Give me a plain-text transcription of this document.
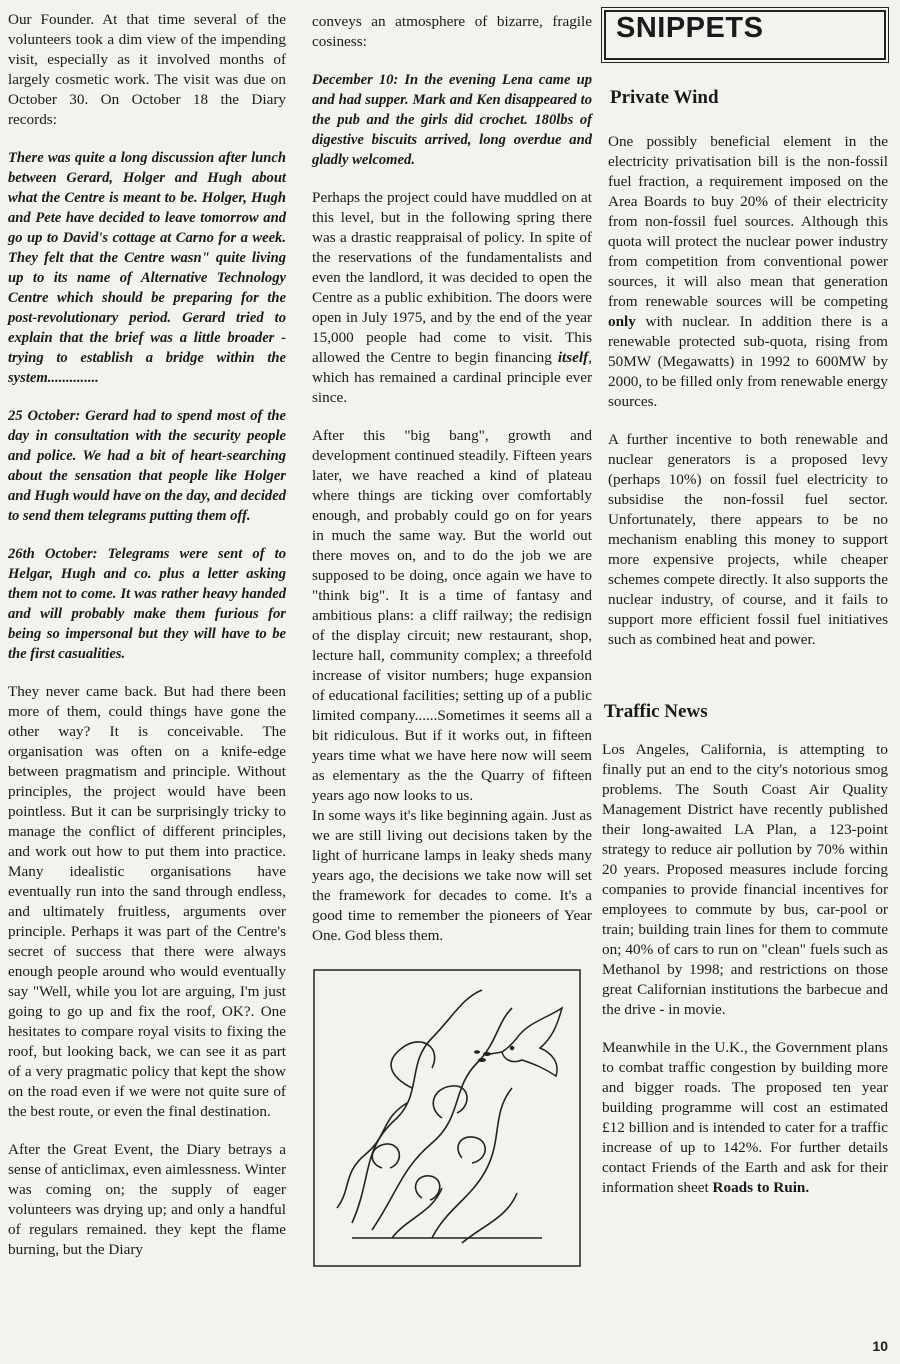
Our Founder. At that time several of the volunteers took a dim view of the impending visit, especially as it involved months of largely cosmetic work. The visit was due on October 30. On October 18 the Diary records:

There was quite a long discussion after lunch between Gerard, Holger and Hugh about what the Centre is meant to be. Holger, Hugh and Pete have decided to leave tomorrow and go up to David's cottage at Carno for a week. They felt that the Centre wasn" quite living up to its name of Alternative Technology Centre which should be preparing for the post-revolutionary period. Gerard tried to explain that the brief was a little broader - trying to establish a bridge within the system..............

25 October: Gerard had to spend most of the day in consultation with the security people and police. We had a bit of heart-searching about the sensation that people like Holger and Hugh would have on the day, and decided to send them telegrams putting them off.

26th October: Telegrams were sent of to Helgar, Hugh and co. plus a letter asking them not to come. It was rather heavy handed and will probably make them furious for being so impersonal but they will have to be the first casualities.

They never came back. But had there been more of them, could things have gone the other way? It is conceivable. The organisation was often on a knife-edge between pragmatism and principle. Without principles, the project would have been pointless. But it can be surprisingly tricky to manage the conflict of different principles, and work out how to put them into practice. Many idealistic organisations have eventually run into the sand through endless, and ultimately fruitless, arguments over principle. Perhaps it was part of the Centre's secret of success that there were always enough people around who would eventually say "Well, while you lot are arguing, I'm just going to go up and fix the roof, OK?. One hesitates to compare royal visits to fixing the roof, but looking back, we can see it as part of a very pragmatic policy that kept the show on the road even if we were not quite sure of the best route, or even the final destination.

After the Great Event, the Diary betrays a sense of anticlimax, even aimlessness. Winter was coming on; the supply of eager volunteers was drying up; and only a handful of regulars remained. they kept the flame burning, but the Diary

conveys an atmosphere of bizarre, fragile cosiness:

December 10: In the evening Lena came up and had supper. Mark and Ken disappeared to the pub and the girls did crochet. 180lbs of digestive biscuits arrived, long overdue and gladly welcomed.

Perhaps the project could have muddled on at this level, but in the following spring there was a drastic reappraisal of policy. In spite of the reservations of the fundamentalists and even the landlord, it was decided to open the Centre as a public exhibition. The doors were open in July 1975, and by the end of the year 15,000 people had come to visit. This allowed the Centre to begin financing itself, which has remained a cardinal principle ever since.

After this "big bang", growth and development continued steadily. Fifteen years later, we have reached a kind of plateau where things are ticking over comfortably enough, and probably could go on for years in much the same way. But the world out there moves on, and to do the job we are supposed to be doing, once again we have to "think big". It is a time of fantasy and ambitious plans: a cliff railway; the redisign of the display circuit; new restaurant, shop, lecture hall, community complex; a threefold increase of visitor numbers; huge expansion of educational facilities; setting up of a public limited company......Sometimes it seems all a bit ridiculous. But if it works out, in fifteen years time what we have here now will seem as elementary as the the Quarry of fifteen years ago now looks to us.

In some ways it's like beginning again. Just as we are still living out decisions taken by the light of hurricane lamps in leaky sheds many years ago, the decisions we take now will set the framework for decades to come. It's a good time to remember the pioneers of Year One. God bless them.

SNIPPETS
Private Wind

One possibly beneficial element in the electricity privatisation bill is the non-fossil fuel fraction, a requirement imposed on the Area Boards to buy 20% of their electricity from non-fossil fuel sources. Although this quota will protect the nuclear power industry from competition from conventional power sources, it will also mean that generation from renewable sources will be competing only with nuclear. In addition there is a renewable protected sub-quota, rising from 50MW (Megawatts) in 1992 to 600MW by 2000, to be filled only from renewable energy sources.

A further incentive to both renewable and nuclear generators is a proposed levy (perhaps 10%) on fossil fuel electricity to subsidise the non-fossil fuel sector. Unfortunately, there appears to be no mechanism enabling this money to support more expensive projects, while cheaper schemes compete directly. It also supports the nuclear industry, of course, and it fails to support more efficient fossil fuel initiatives such as combined heat and power.

Traffic News

Los Angeles, California, is attempting to finally put an end to the city's notorious smog problems. The South Coast Air Quality Management District have recently published their long-awaited LA Plan, a 123-point strategy to reduce air pollution by 70% within 20 years. Proposed measures include forcing companies to provide financial incentives for employees to commute by bus, car-pool or train; building train lines for them to commute on; 40% of cars to run on "clean" fuels such as Methanol by 1998; and restrictions on those great Californian institutions the barbecue and the drive - in movie.

Meanwhile in the U.K., the Government plans to combat traffic congestion by building more and bigger roads. The proposed ten year building programme will cost an estimated £12 billion and is intended to cater for a traffic increase of up to 142%. For further details contact Friends of the Earth and ask for their information sheet Roads to Ruin.

10
